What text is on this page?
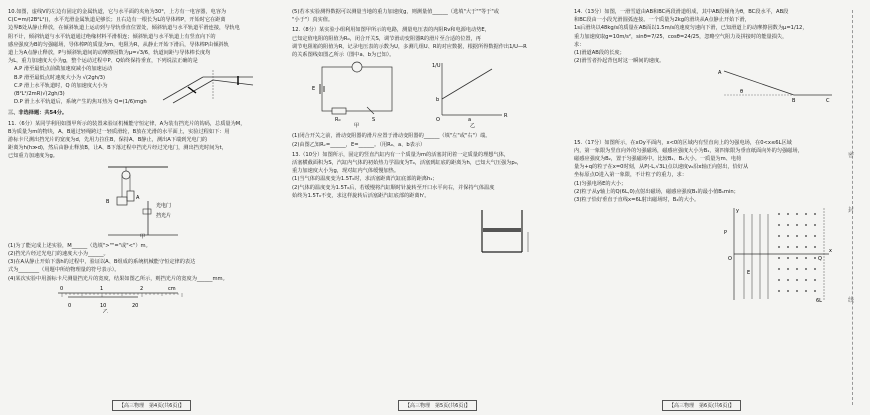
10.如图，虚线V的左边有固定的金属轨道，它与水平面的夹角为30°，上方有一电容器，电容为
C(C=m/(2B²L²))，水平光滑金属轨道足够长；且右边有一根长为L的导体棒P，开始时它在距离
边界B处从静止释放，在倾斜轨道上运动到与导轨垂直位置处，倾斜轨道与水平轨道平滑连接，导轨电
阻不计，倾斜轨道与水平轨道通过绝缘材料平滑相连；倾斜轨道与水平轨道上有竖直向下的
感应强度为B的匀强磁场，导体棒P的质量为m，电阻为R，从静止开始下滑后，导体棒P由倾斜轨
道上为A点静止释放，P与倾斜轨道间的动摩擦因数为μ=√3/6，轨道间距与导体棒长度均
为L，重力加速度大小为g，整个运动过程中P、Q始终保持垂直，下列说法正确的是
A.P 滑至最低点前做加速度减小的加速运动
B.P 滑至最低点时速度大小为 √(2gh/3)
C.P 滑上水平轨道时，Q 的加速度大小为 (B²L²/2mR)√(2gh/3)
D.P 滑上水平轨道后，系统产生的焦耳热为 Q=(1/6)mgh
三、非选择题：共54分。
11.（6分）某同学利用如图甲所示的装置来验证机械能守恒定律，A为装有挡光片的钩码，总质量为M，
B为质量为m的物块，A、B通过轻绳跨过一轻质滑轮，B放在光滑的水平面上，实验过程如下：用
游标卡尺测出挡光片的宽度为d，先用力拉住B，保持A、B静止，测出A下端到光电门的
距离为h(h≫d)，然后由静止释放B，让A、B下落过程中挡光片经过光电门，测出挡光时间为t，
已知重力加速度为g。
B
A
光电门
挡光片
甲
(1)为了能完成上述实验，M______（选填">""="或"<"）m。
(2)挡光片经过光电门的速度大小为______。
(3)在A从静止开始下落h的过程中，验证以A、B组成的系统机械能守恒定律的表达
式为________（用题中所给物理量的符号表示）。
(4)某次实验中用游标卡尺测量挡光片的宽度，结果如图乙所示，则挡光片的宽度为______mm。
0	1	2	cm
0	10	20
乙
(5)若本实验测得数据可以测量当地的重力加速度g，则测量值______（选填"大于""等于"或
"小于"）真实值。
12.（8分）某实验小组利用如图甲所示的电路，测量电压表的内阻Rv和电源电动势E，
已知定值电阻的阻值为R₀，闭合开关S，调节滑动变阻器R的滑片至合适的位置，再
调节电阻箱的阻值为R，记录电压表的示数为U，多测几组U、R的对应数据，根据所得数据作出1/U—R
的关系图线如图乙所示（图中a、b为已知）。
R₀	S
E
甲
1/U
R
b
a
O
乙
(1)闭合开关之前，滑动变阻器的滑片应置于滑动变阻器的______（填"左"或"右"）端。
(2)由图乙知Rᵥ=______，E=______。（用R₀、a、b表示）
13.（10分）如图所示，固定的竖直汽缸内有一个质量为m的活塞封闭着一定质量的理想气体，
活塞横截面积为S，汽缸内气体的初始热力学温度为T₀，活塞到缸底的距离为h，已知大气压强为p₀，
重力加速度大小为g，现对缸内气体缓慢加热。
(1)当气体的温度变为1.5T₀时，求活塞距离汽缸底部的距离h₁；
(2)气体的温度变为1.5T₀后，若缓慢将汽缸顺时针旋转至开口水平向右，并保持气体温度
始终为1.5T₀不变，求这样旋转后活塞距汽缸底部的距离h'。
14.（13分）如图，一滑雪道由AB和BC两段滑道组成，其中AB段倾角为θ，BC段水平，AB段
和BC段由一小段光滑圆弧连接。一个质量为2kg的滑块从A点静止开始下滑，
1s后滑块以48kg/s的质量在AB面以1.5m/s的速度匀速向下滑，已知滑道上的动摩擦因数为μ=1/12，
重力加速度取g=10m/s²，sinθ=7/25，cosθ=24/25，忽略空气阻力及拼接时的能量损失，
求：
(1)滑道AB段的长度；
(2)滑雪者拎起背包时这一瞬间的速度。
A
θ
B	C
15.（17分）如图所示，在xOy平面内，x<0的区域内有竖直向上的匀强电场，在0<x≤6L区域
内，第一象限为竖直向外的匀强磁场，磁感应强度大小为B₁，第四象限为垂直纸面向外的匀强磁场，
磁感应强度为B₂，置于匀强磁场中。比较B₁、B₂大小。一质量为m、电荷
量为+q的粒子在x=0时刻，从P(-L,√3L)点以速度v₀沿x轴正向射出，恰好从
坐标原点O进入第一象限，不计粒子的重力，求：
(1)匀强电场E的大小；
(2)粒子从y轴上的Q(6L,0)点射出磁场，磁感应强度B₁的最小值B₁min；
(3)粒子恰好垂直于直线x=6L射出磁场时，B₂的大小。
y
x
O
P
Q
E
6L
【高三物理　第4页(共6页)】	【高三物理　第5页(共6页)】	【高三物理　第6页(共6页)】
密
封
线
